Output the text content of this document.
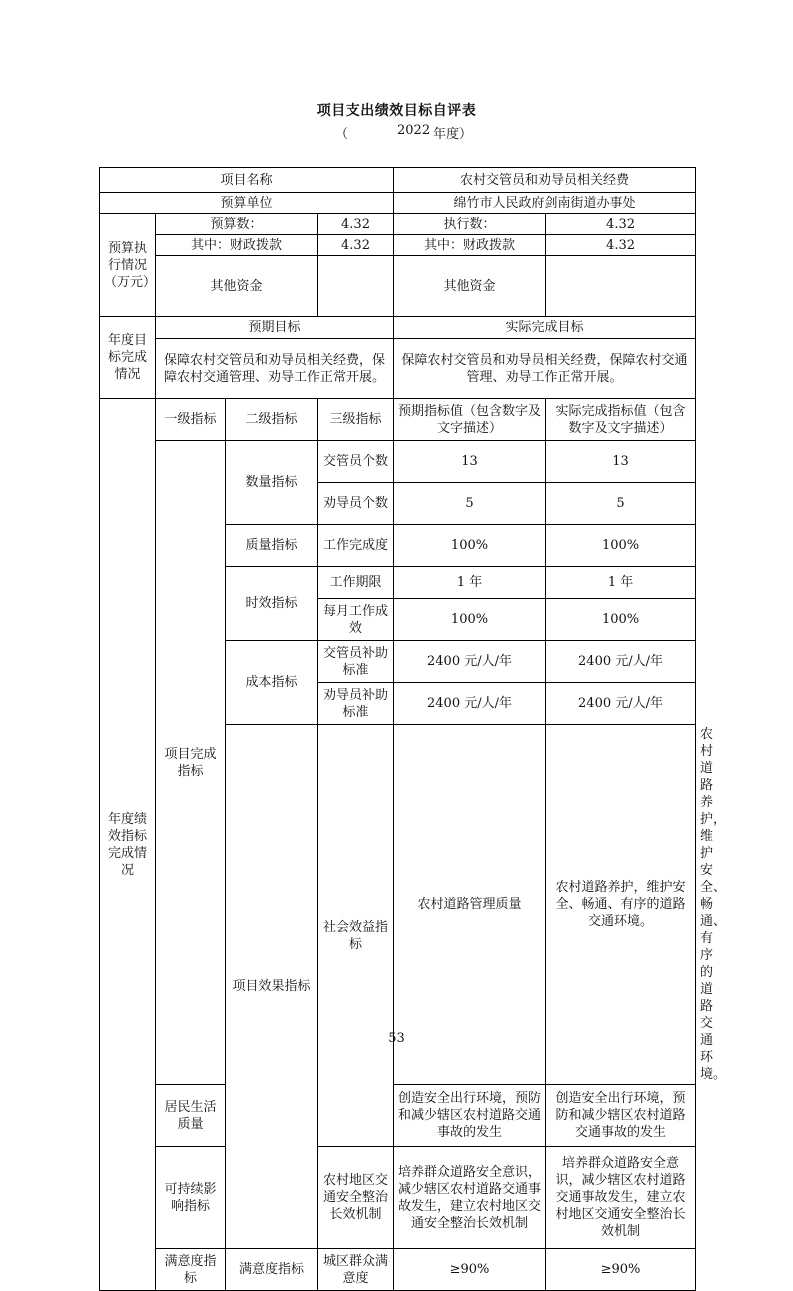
项目支出绩效目标自评表
（	2022 年度）
项目名称				农村交管员和劝导员相关经费		
预算单位				绵竹市人民政府剑南街道办事处		
预算执行情况（万元）	预算数：		4.32	执行数：	4.32	
	其中：财政拨款		4.32	其中：财政拨款	4.32	
	其他资金			其他资金		
年度目标完成情况	预期目标			实际完成目标		
	保障农村交管员和劝导员相关经费，保障农村交通管理、劝导工作正常开展。			保障农村交管员和劝导员相关经费，保障农村交通管理、劝导工作正常开展。		
年度绩效指标完成情况	一级指标	二级指标	三级指标	预期指标值（包含数字及文字描述）	实际完成指标值（包含数字及文字描述）	
	项目完成指标	数量指标	交管员个数	13	13	
			劝导员个数	5	5	
		质量指标	工作完成度	100%	100%	
		时效指标	工作期限	1 年	1 年	
			每月工作成效	100%	100%	
		成本指标	交管员补助标准	2400 元/人/年	2400 元/人/年	
			劝导员补助标准	2400 元/人/年	2400 元/人/年	
		项目效果指标	社会效益指标	农村道路管理质量	农村道路养护，维护安全、畅通、有序的道路交通环境。	农村道路养护，维护安全、畅通、有序的道路交通环境。
	居民生活质量			创造安全出行环境，预防和减少辖区农村道路交通事故的发生	创造安全出行环境，预防和减少辖区农村道路交通事故的发生	
	可持续影响指标		农村地区交通安全整治长效机制	培养群众道路安全意识，减少辖区农村道路交通事故发生，建立农村地区交通安全整治长效机制	培养群众道路安全意识，减少辖区农村道路交通事故发生，建立农村地区交通安全整治长效机制	
	满意度指标	满意度指标	城区群众满意度	≥90%	≥90%	
53
